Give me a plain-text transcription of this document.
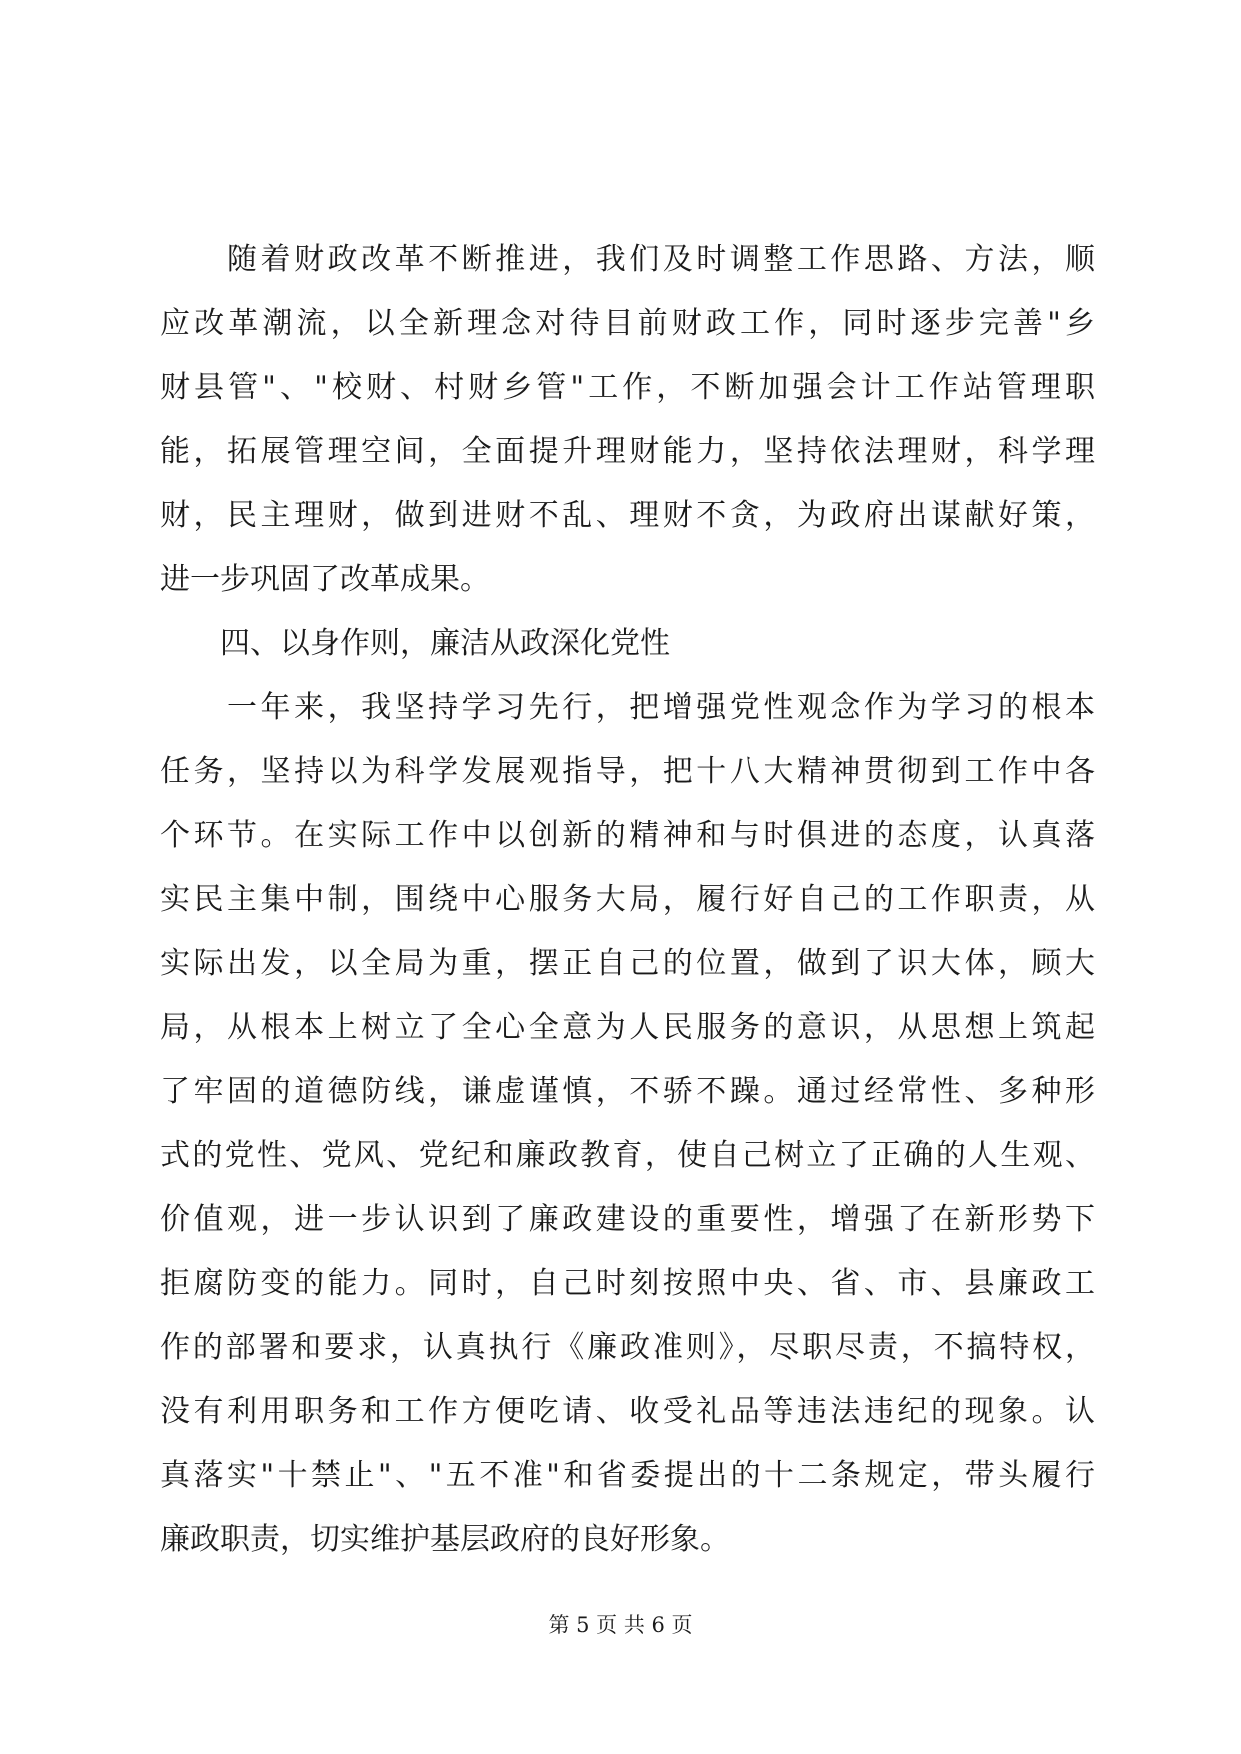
　　随着财政改革不断推进，我们及时调整工作思路、方法，顺
应改革潮流，以全新理念对待目前财政工作，同时逐步完善"乡
财县管"、"校财、村财乡管"工作，不断加强会计工作站管理职
能，拓展管理空间，全面提升理财能力，坚持依法理财，科学理
财，民主理财，做到进财不乱、理财不贪，为政府出谋献好策，
进一步巩固了改革成果。
　　四、以身作则，廉洁从政深化党性
　　一年来，我坚持学习先行，把增强党性观念作为学习的根本
任务，坚持以为科学发展观指导，把十八大精神贯彻到工作中各
个环节。在实际工作中以创新的精神和与时俱进的态度，认真落
实民主集中制，围绕中心服务大局，履行好自己的工作职责，从
实际出发，以全局为重，摆正自己的位置，做到了识大体，顾大
局，从根本上树立了全心全意为人民服务的意识，从思想上筑起
了牢固的道德防线，谦虚谨慎，不骄不躁。通过经常性、多种形
式的党性、党风、党纪和廉政教育，使自己树立了正确的人生观、
价值观，进一步认识到了廉政建设的重要性，增强了在新形势下
拒腐防变的能力。同时，自己时刻按照中央、省、市、县廉政工
作的部署和要求，认真执行《廉政准则》，尽职尽责，不搞特权，
没有利用职务和工作方便吃请、收受礼品等违法违纪的现象。认
真落实"十禁止"、"五不准"和省委提出的十二条规定，带头履行
廉政职责，切实维护基层政府的良好形象。
第 5 页 共 6 页
